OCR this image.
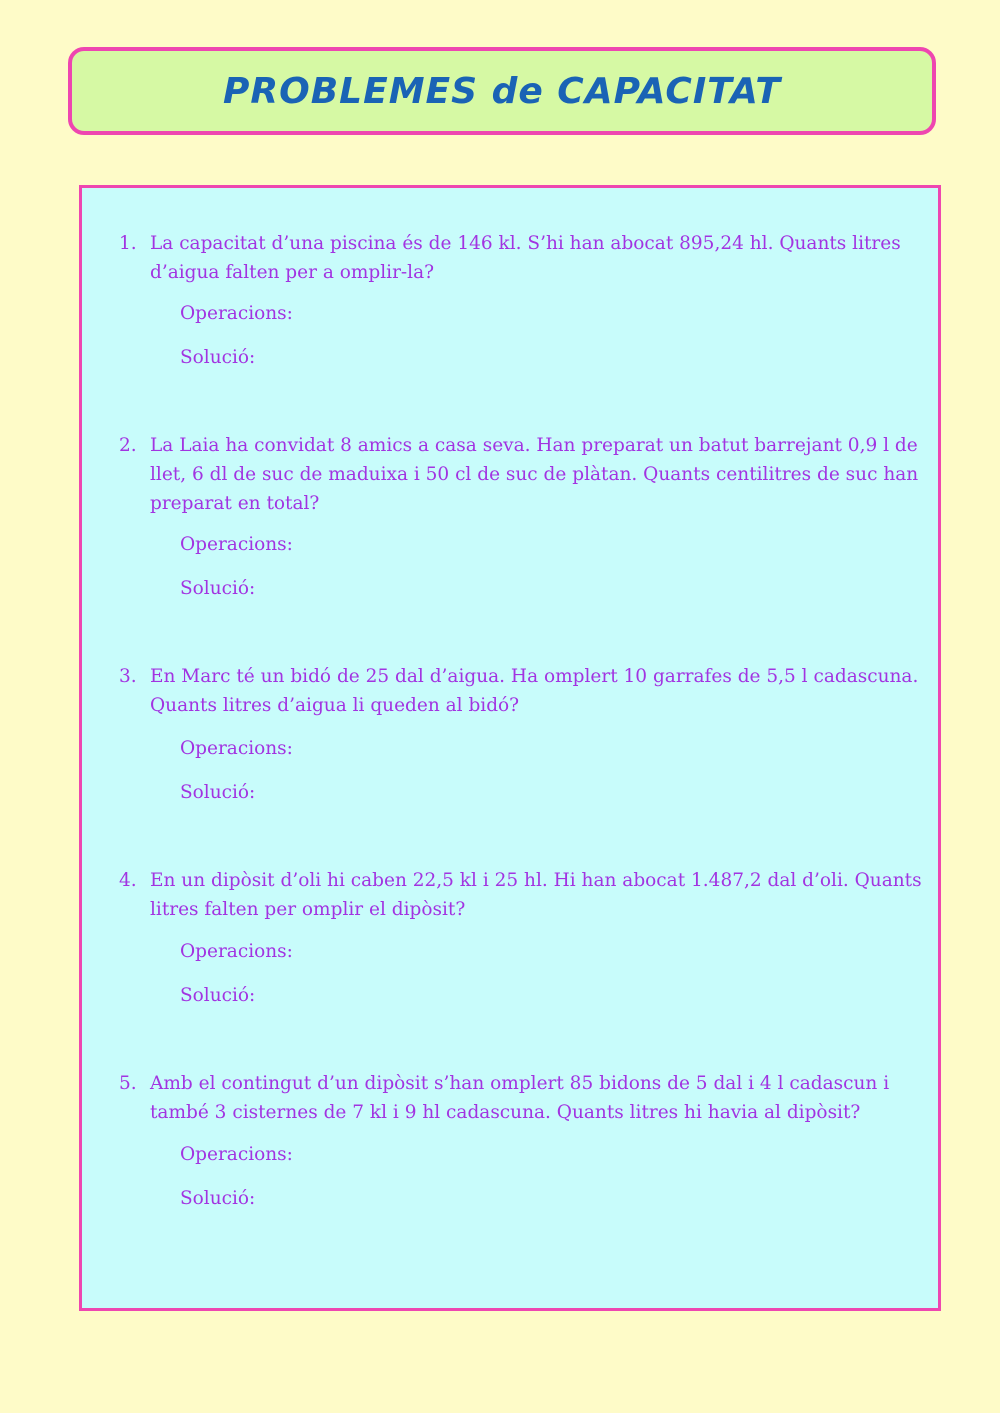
PROBLEMES de CAPACITAT
1. La capacitat d’una piscina és de 146 kl. S’hi han abocat 895,24 hl. Quants litres d’aigua falten per a omplir-la?
Operacions:
Solució:
2. La Laia ha convidat 8 amics a casa seva. Han preparat un batut barrejant 0,9 l de llet, 6 dl de suc de maduixa i 50 cl de suc de plàtan. Quants centilitres de suc han preparat en total?
Operacions:
Solució:
3. En Marc té un bidó de 25 dal d’aigua. Ha omplert 10 garrafes de 5,5 l cadascuna. Quants litres d’aigua li queden al bidó?
Operacions:
Solució:
4. En un dipòsit d’oli hi caben 22,5 kl i 25 hl. Hi han abocat 1.487,2 dal d’oli. Quants litres falten per omplir el dipòsit?
Operacions:
Solució:
5. Amb el contingut d’un dipòsit s’han omplert 85 bidons de 5 dal i 4 l cadascun i també 3 cisternes de 7 kl i 9 hl cadascuna. Quants litres hi havia al dipòsit?
Operacions:
Solució:
